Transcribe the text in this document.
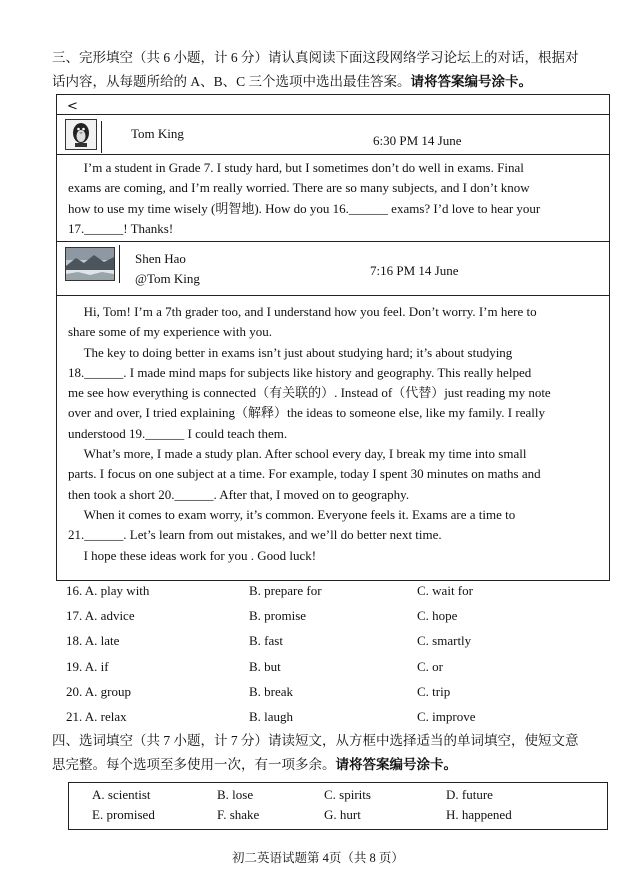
三、完形填空（共 6 小题，计 6 分）请认真阅读下面这段网络学习论坛上的对话，根据对
话内容，从每题所给的 A、B、C 三个选项中选出最佳答案。请将答案编号涂卡。
<
Tom King	6:30 PM 14 June

I’m a student in Grade 7. I study hard, but I sometimes don’t do well in exams. Final

exams are coming, and I’m really worried. There are so many subjects, and I don’t know

how to use my time wisely (明智地). How do you 16.______ exams? I’d love to hear your

17.______! Thanks!

Shen Hao
@Tom King
7:16 PM 14 June

Hi, Tom! I’m a 7th grader too, and I understand how you feel. Don’t worry. I’m here to

share some of my experience with you.

The key to doing better in exams isn’t just about studying hard; it’s about studying

18.______. I made mind maps for subjects like history and geography. This really helped

me see how everything is connected（有关联的）. Instead of（代替）just reading my note

over and over, I tried explaining（解释）the ideas to someone else, like my family. I really

understood 19.______ I could teach them.

What’s more, I made a study plan. After school every day, I break my time into small

parts. I focus on one subject at a time. For example, today I spent 30 minutes on maths and

then took a short 20.______. After that, I moved on to geography.

When it comes to exam worry, it’s common. Everyone feels it. Exams are a time to

21.______. Let’s learn from out mistakes, and we’ll do better next time.

I hope these ideas work for you . Good luck!

16. A. play with	B. prepare for	C. wait for
17. A. advice	B. promise	C. hope
18. A. late	B. fast	C. smartly
19. A. if	B. but	C. or
20. A. group	B. break	C. trip
21. A. relax	B. laugh	C. improve
四、选词填空（共 7 小题，计 7 分）请读短文，从方框中选择适当的单词填空，使短文意
思完整。每个选项至多使用一次，有一项多余。请将答案编号涂卡。
A. scientist	B. lose	C. spirits	D. future
E. promised	F. shake	G. hurt	H. happened
初二英语试题第 4页（共 8 页）
